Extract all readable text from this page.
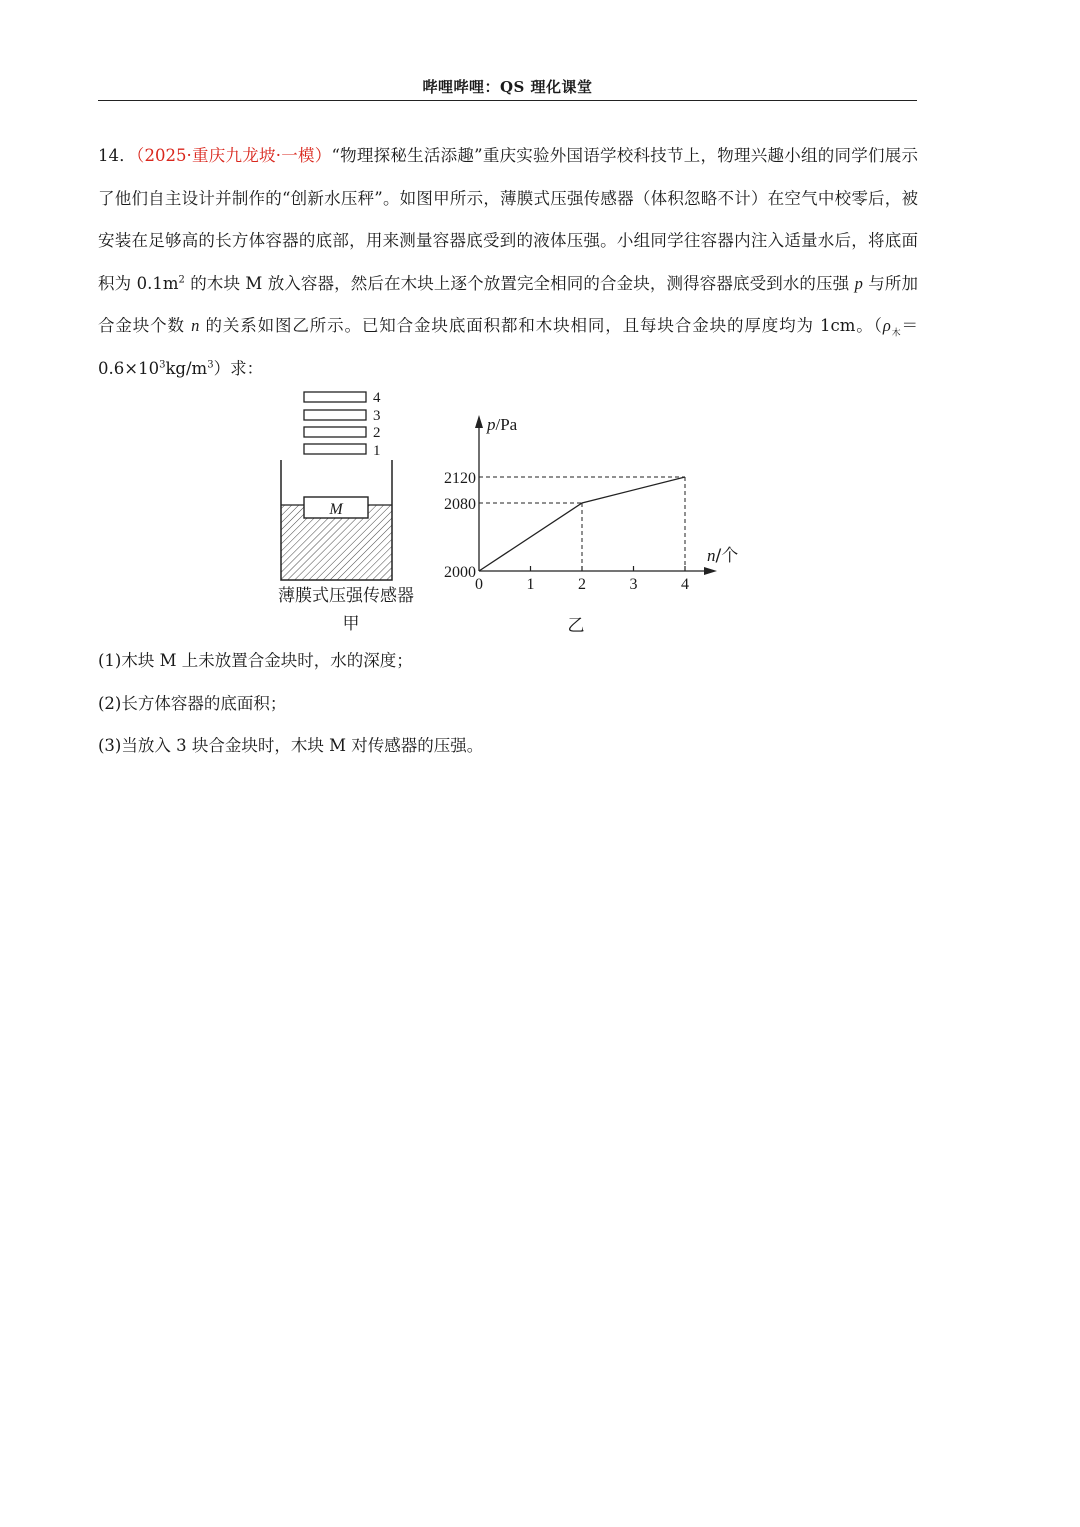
哔哩哔哩：QS 理化课堂
14．（2025·重庆九龙坡·一模）“物理探秘生活添趣”重庆实验外国语学校科技节上，物理兴趣小组的同学们展示了他们自主设计并制作的“创新水压秤”。如图甲所示，薄膜式压强传感器（体积忽略不计）在空气中校零后，被安装在足够高的长方体容器的底部，用来测量容器底受到的液体压强。小组同学往容器内注入适量水后，将底面积为 $0.1m^2$ 的木块 M 放入容器，然后在木块上逐个放置完全相同的合金块，测得容器底受到水的压强 p 与所加合金块个数 n 的关系如图乙所示。已知合金块底面积都和木块相同，且每块合金块的厚度均为 1cm。$(\rho_木=0.6\times 10^3kg/m^3)$求：
4
3
2
1
M
薄膜式压强传感器
甲
p/Pa
n/个
0	1	2	3	4
2000
2080
2120
乙
(1)木块 M 上未放置合金块时，水的深度；
(2)长方体容器的底面积；
(3)当放入 3 块合金块时，木块 M 对传感器的压强。
